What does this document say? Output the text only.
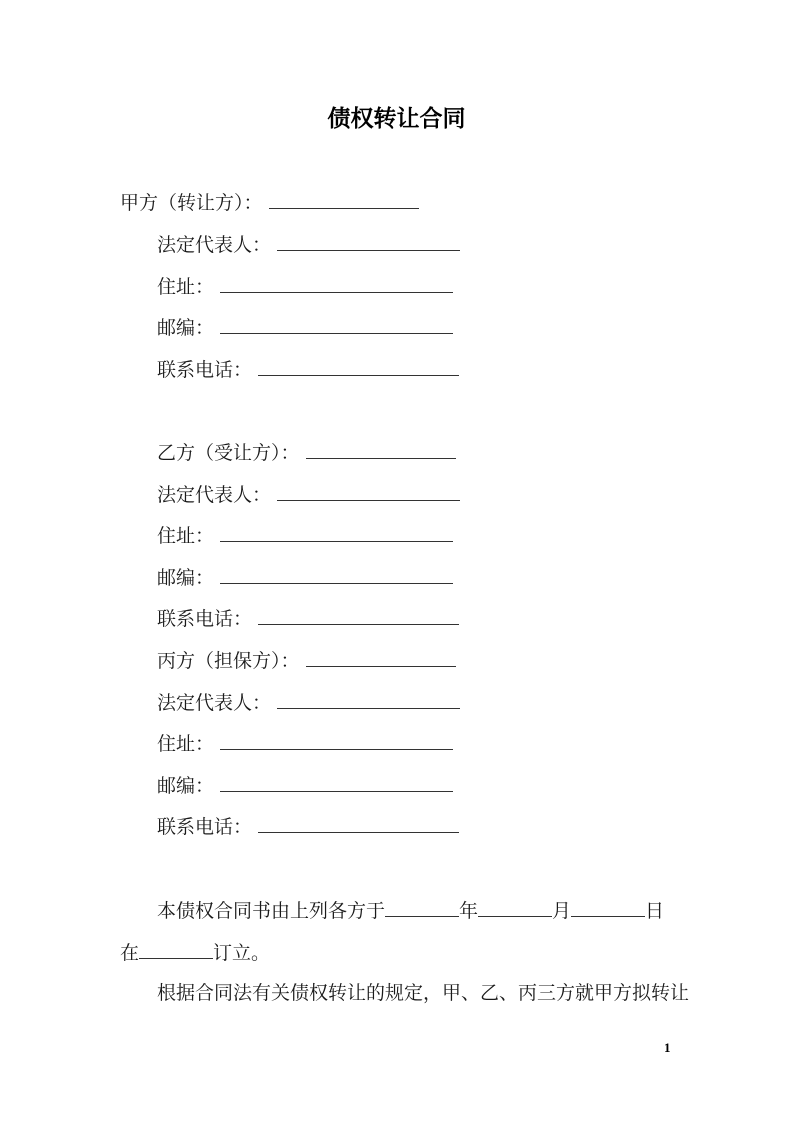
债权转让合同
甲方（转让方）：
法定代表人：
住址：
邮编：
联系电话：
乙方（受让方）：
法定代表人：
住址：
邮编：
联系电话：
丙方（担保方）：
法定代表人：
住址：
邮编：
联系电话：
本债权合同书由上列各方于	年	月	日
在	订立。
根据合同法有关债权转让的规定，甲、乙、丙三方就甲方拟转让
1
